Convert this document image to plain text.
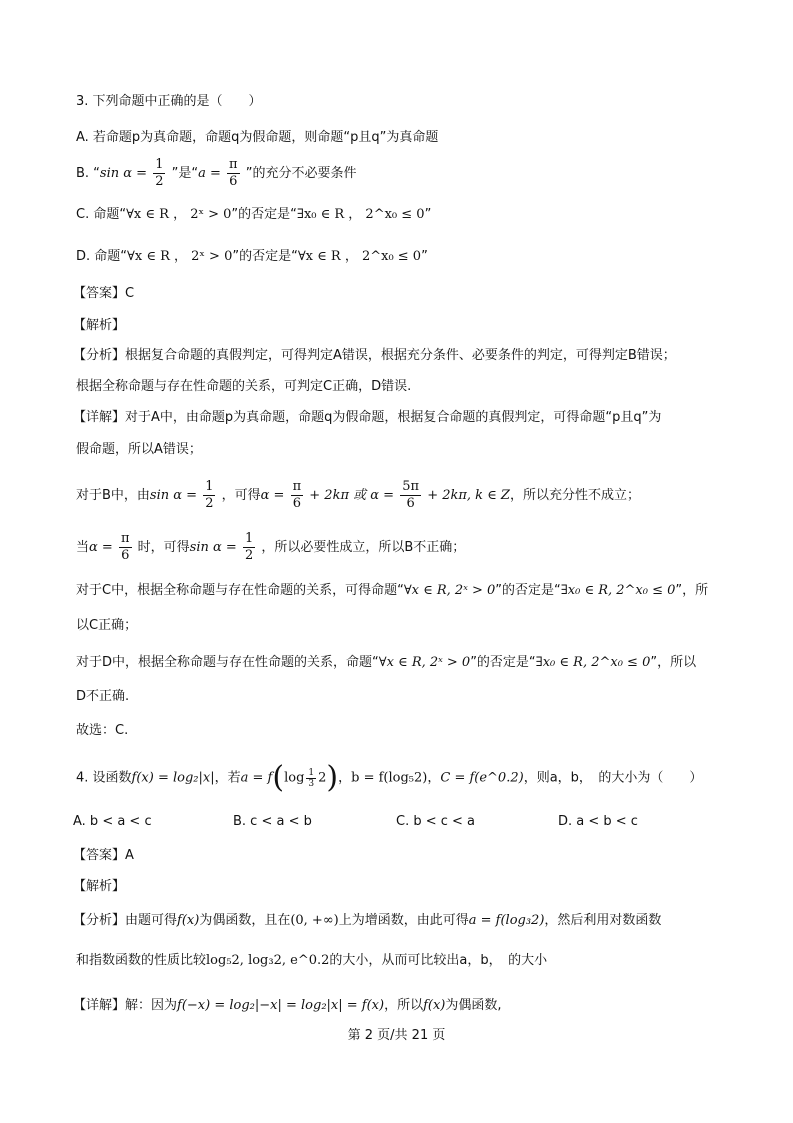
3. 下列命题中正确的是（　　）
A. 若命题p为真命题，命题q为假命题，则命题“p且q”为真命题
B. “sin $\alpha = \frac{1}{2}$ ”是“$a = \frac{\pi}{6}$ ”的充分不必要条件
C. 命题“∀x ∈ R ， 2ˣ > 0”的否定是“∃x₀ ∈ R ， 2^x₀ ≤ 0”
D. 命题“∀x ∈ R ， 2ˣ > 0”的否定是“∀x ∈ R ， 2^x₀ ≤ 0”
【答案】C
【解析】
【分析】根据复合命题的真假判定，可得判定A错误，根据充分条件、必要条件的判定，可得判定B错误；
根据全称命题与存在性命题的关系，可判定C正确，D错误.
【详解】对于A中，由命题p为真命题，命题q为假命题，根据复合命题的真假判定，可得命题“p且q”为
假命题，所以A错误；
对于B中，由$\sin \alpha = \frac{1}{2}$ ，可得$\alpha = \frac{\pi}{6} + 2k\pi$ 或 $\alpha = \frac{5\pi}{6} + 2k\pi$, k ∈ Z，所以充分性不成立；
当$\alpha = \frac{\pi}{6}$ 时，可得$\sin \alpha = \frac{1}{2}$ ，所以必要性成立，所以B不正确；
对于C中，根据全称命题与存在性命题的关系，可得命题“∀x ∈ R, 2ˣ > 0”的否定是“∃x₀ ∈ R, 2^x₀ ≤ 0”，所
以C正确；
对于D中，根据全称命题与存在性命题的关系，命题“∀x ∈ R, 2ˣ > 0”的否定是“∃x₀ ∈ R, 2^x₀ ≤ 0”，所以
D不正确.
故选：C.
4. 设函数f(x) = log₂|x|，若$a = f(\log \frac{1}{3} 2)$，b = f(log₅2)，C = f(e^0.2)，则a，b，　的大小为（　　）
A. b < a < c	B. c < a < b	C. b < c < a	D. a < b < c
【答案】A
【解析】
【分析】由题可得f(x)为偶函数，且在(0, +∞)上为增函数，由此可得a = f(log₃2)，然后利用对数函数
和指数函数的性质比较log₅2, log₃2, e^0.2的大小，从而可比较出a，b，　的大小
【详解】解：因为f(−x) = log₂|−x| = log₂|x| = f(x)，所以f(x)为偶函数,
第 2 页/共 21 页
